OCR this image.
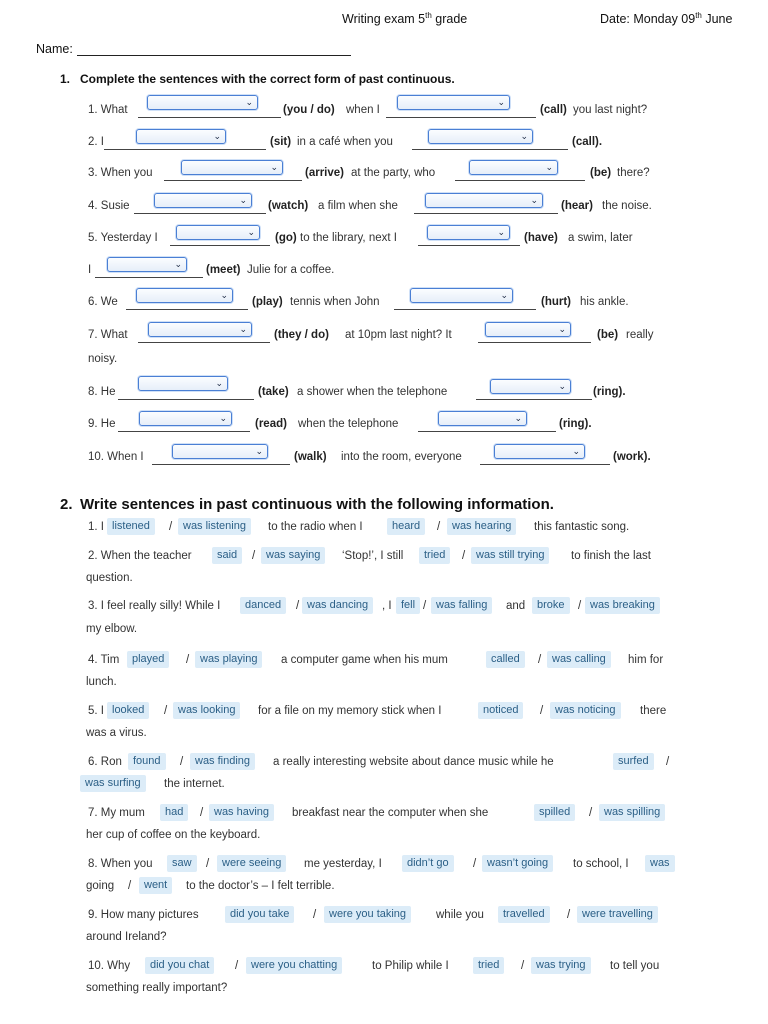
Writing exam 5th grade	Date: Monday 09th June
Name:
1. Complete the sentences with the correct form of past continuous.
1. What
⌄
(you / do) when I
⌄
(call) you last night?
2. I	⌄	(sit) in a café when you	⌄	(call).
3. When you	⌄ (arrive) at the party, who	⌄	(be) there?
4. Susie	⌄ (watch) a film when she	⌄ (hear) the noise.
5. Yesterday I	⌄ (go) to the library, next I	⌄ (have) a swim, later
I	⌄ (meet) Julie for a coffee.
6. We
⌄
(play) tennis when John
⌄
(hurt) his ankle.
7. What	⌄ (they / do) at 10pm last night? It	⌄	(be) really
noisy.
8. He
⌄
(take) a shower when the telephone	⌄ (ring).
9. He	⌄ (read) when the telephone	⌄	(ring).
10. When I	⌄	(walk) into the room, everyone	⌄	(work).
2. Write sentences in past continuous with the following information.
1. I listened	/ was listening	to the radio when I	heard	/	was hearing	this fantastic song.
2. When the teacher	said	/ was saying	‘Stop!’, I still	tried	/ was still trying	to finish the last
question.
3. I feel really silly! While I	danced	/ was dancing	, I fell / was falling	and	broke	/ was breaking
my elbow.
4. Tim	played	/ was playing	a computer game when his mum	called	/ was calling	him for
lunch.
5. I looked	/ was looking	for a file on my memory stick when I	noticed	/	was noticing	there
was a virus.
6. Ron	found	/	was finding	a really interesting website about dance music while he	surfed	/
was surfing	the internet.
7. My mum	had	/ was having	breakfast near the computer when she	spilled	/	was spilling
her cup of coffee on the keyboard.
8. When you	saw	/	were seeing	me yesterday, I	didn’t go	/ wasn’t going	to school, I	was
going /	went	to the doctor’s – I felt terrible.
9. How many pictures	did you take	/	were you taking	while you	travelled	/	were travelling
around Ireland?
10. Why	did you chat	/	were you chatting	to Philip while I	tried	/	was trying	to tell you
something really important?
